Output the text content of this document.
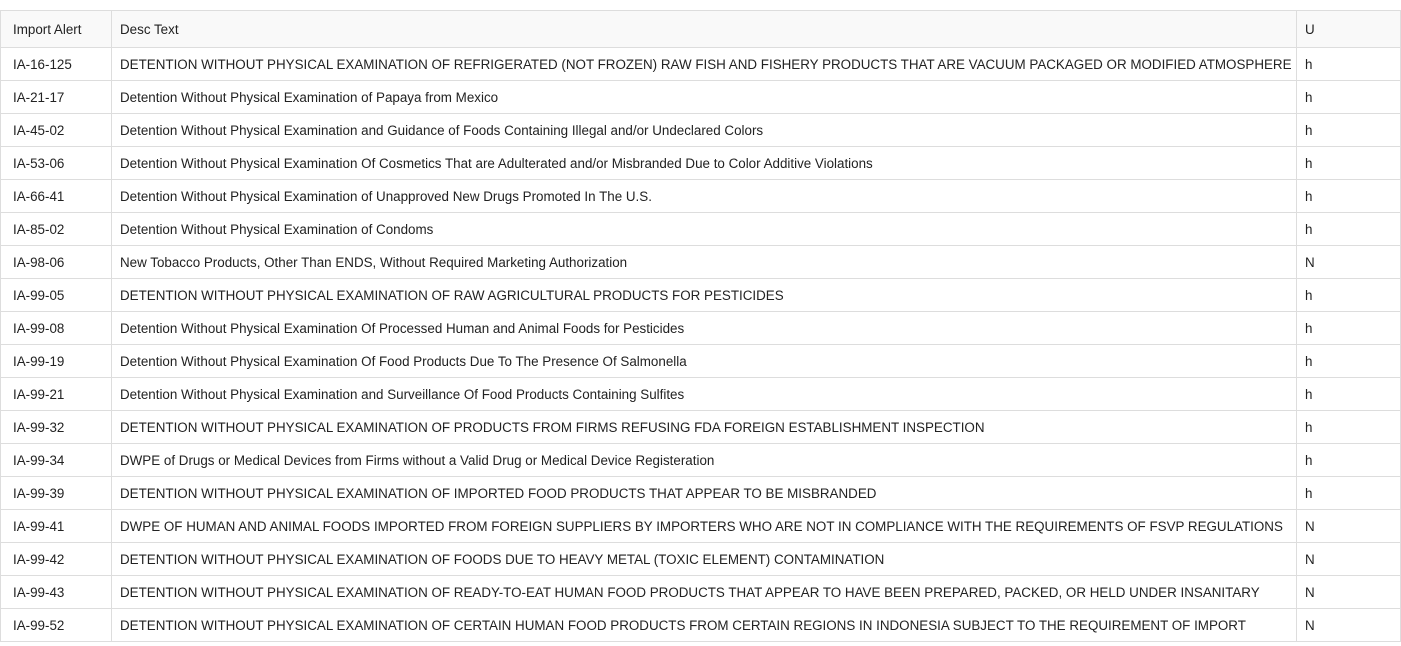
Import Alert	Desc Text	U
IA-16-125	DETENTION WITHOUT PHYSICAL EXAMINATION OF REFRIGERATED (NOT FROZEN) RAW FISH AND FISHERY PRODUCTS THAT ARE VACUUM PACKAGED OR MODIFIED ATMOSPHERE	h
IA-21-17	Detention Without Physical Examination of Papaya from Mexico	h
IA-45-02	Detention Without Physical Examination and Guidance of Foods Containing Illegal and/or Undeclared Colors	h
IA-53-06	Detention Without Physical Examination Of Cosmetics That are Adulterated and/or Misbranded Due to Color Additive Violations	h
IA-66-41	Detention Without Physical Examination of Unapproved New Drugs Promoted In The U.S.	h
IA-85-02	Detention Without Physical Examination of Condoms	h
IA-98-06	New Tobacco Products, Other Than ENDS, Without Required Marketing Authorization	N
IA-99-05	DETENTION WITHOUT PHYSICAL EXAMINATION OF RAW AGRICULTURAL PRODUCTS FOR PESTICIDES	h
IA-99-08	Detention Without Physical Examination Of Processed Human and Animal Foods for Pesticides	h
IA-99-19	Detention Without Physical Examination Of Food Products Due To The Presence Of Salmonella	h
IA-99-21	Detention Without Physical Examination and Surveillance Of Food Products Containing Sulfites	h
IA-99-32	DETENTION WITHOUT PHYSICAL EXAMINATION OF PRODUCTS FROM FIRMS REFUSING FDA FOREIGN ESTABLISHMENT INSPECTION	h
IA-99-34	DWPE of Drugs or Medical Devices from Firms without a Valid Drug or Medical Device Registeration	h
IA-99-39	DETENTION WITHOUT PHYSICAL EXAMINATION OF IMPORTED FOOD PRODUCTS THAT APPEAR TO BE MISBRANDED	h
IA-99-41	DWPE OF HUMAN AND ANIMAL FOODS IMPORTED FROM FOREIGN SUPPLIERS BY IMPORTERS WHO ARE NOT IN COMPLIANCE WITH THE REQUIREMENTS OF FSVP REGULATIONS	N
IA-99-42	DETENTION WITHOUT PHYSICAL EXAMINATION OF FOODS DUE TO HEAVY METAL (TOXIC ELEMENT) CONTAMINATION	N
IA-99-43	DETENTION WITHOUT PHYSICAL EXAMINATION OF READY-TO-EAT HUMAN FOOD PRODUCTS THAT APPEAR TO HAVE BEEN PREPARED, PACKED, OR HELD UNDER INSANITARY	N
IA-99-52	DETENTION WITHOUT PHYSICAL EXAMINATION OF CERTAIN HUMAN FOOD PRODUCTS FROM CERTAIN REGIONS IN INDONESIA SUBJECT TO THE REQUIREMENT OF IMPORT	N
